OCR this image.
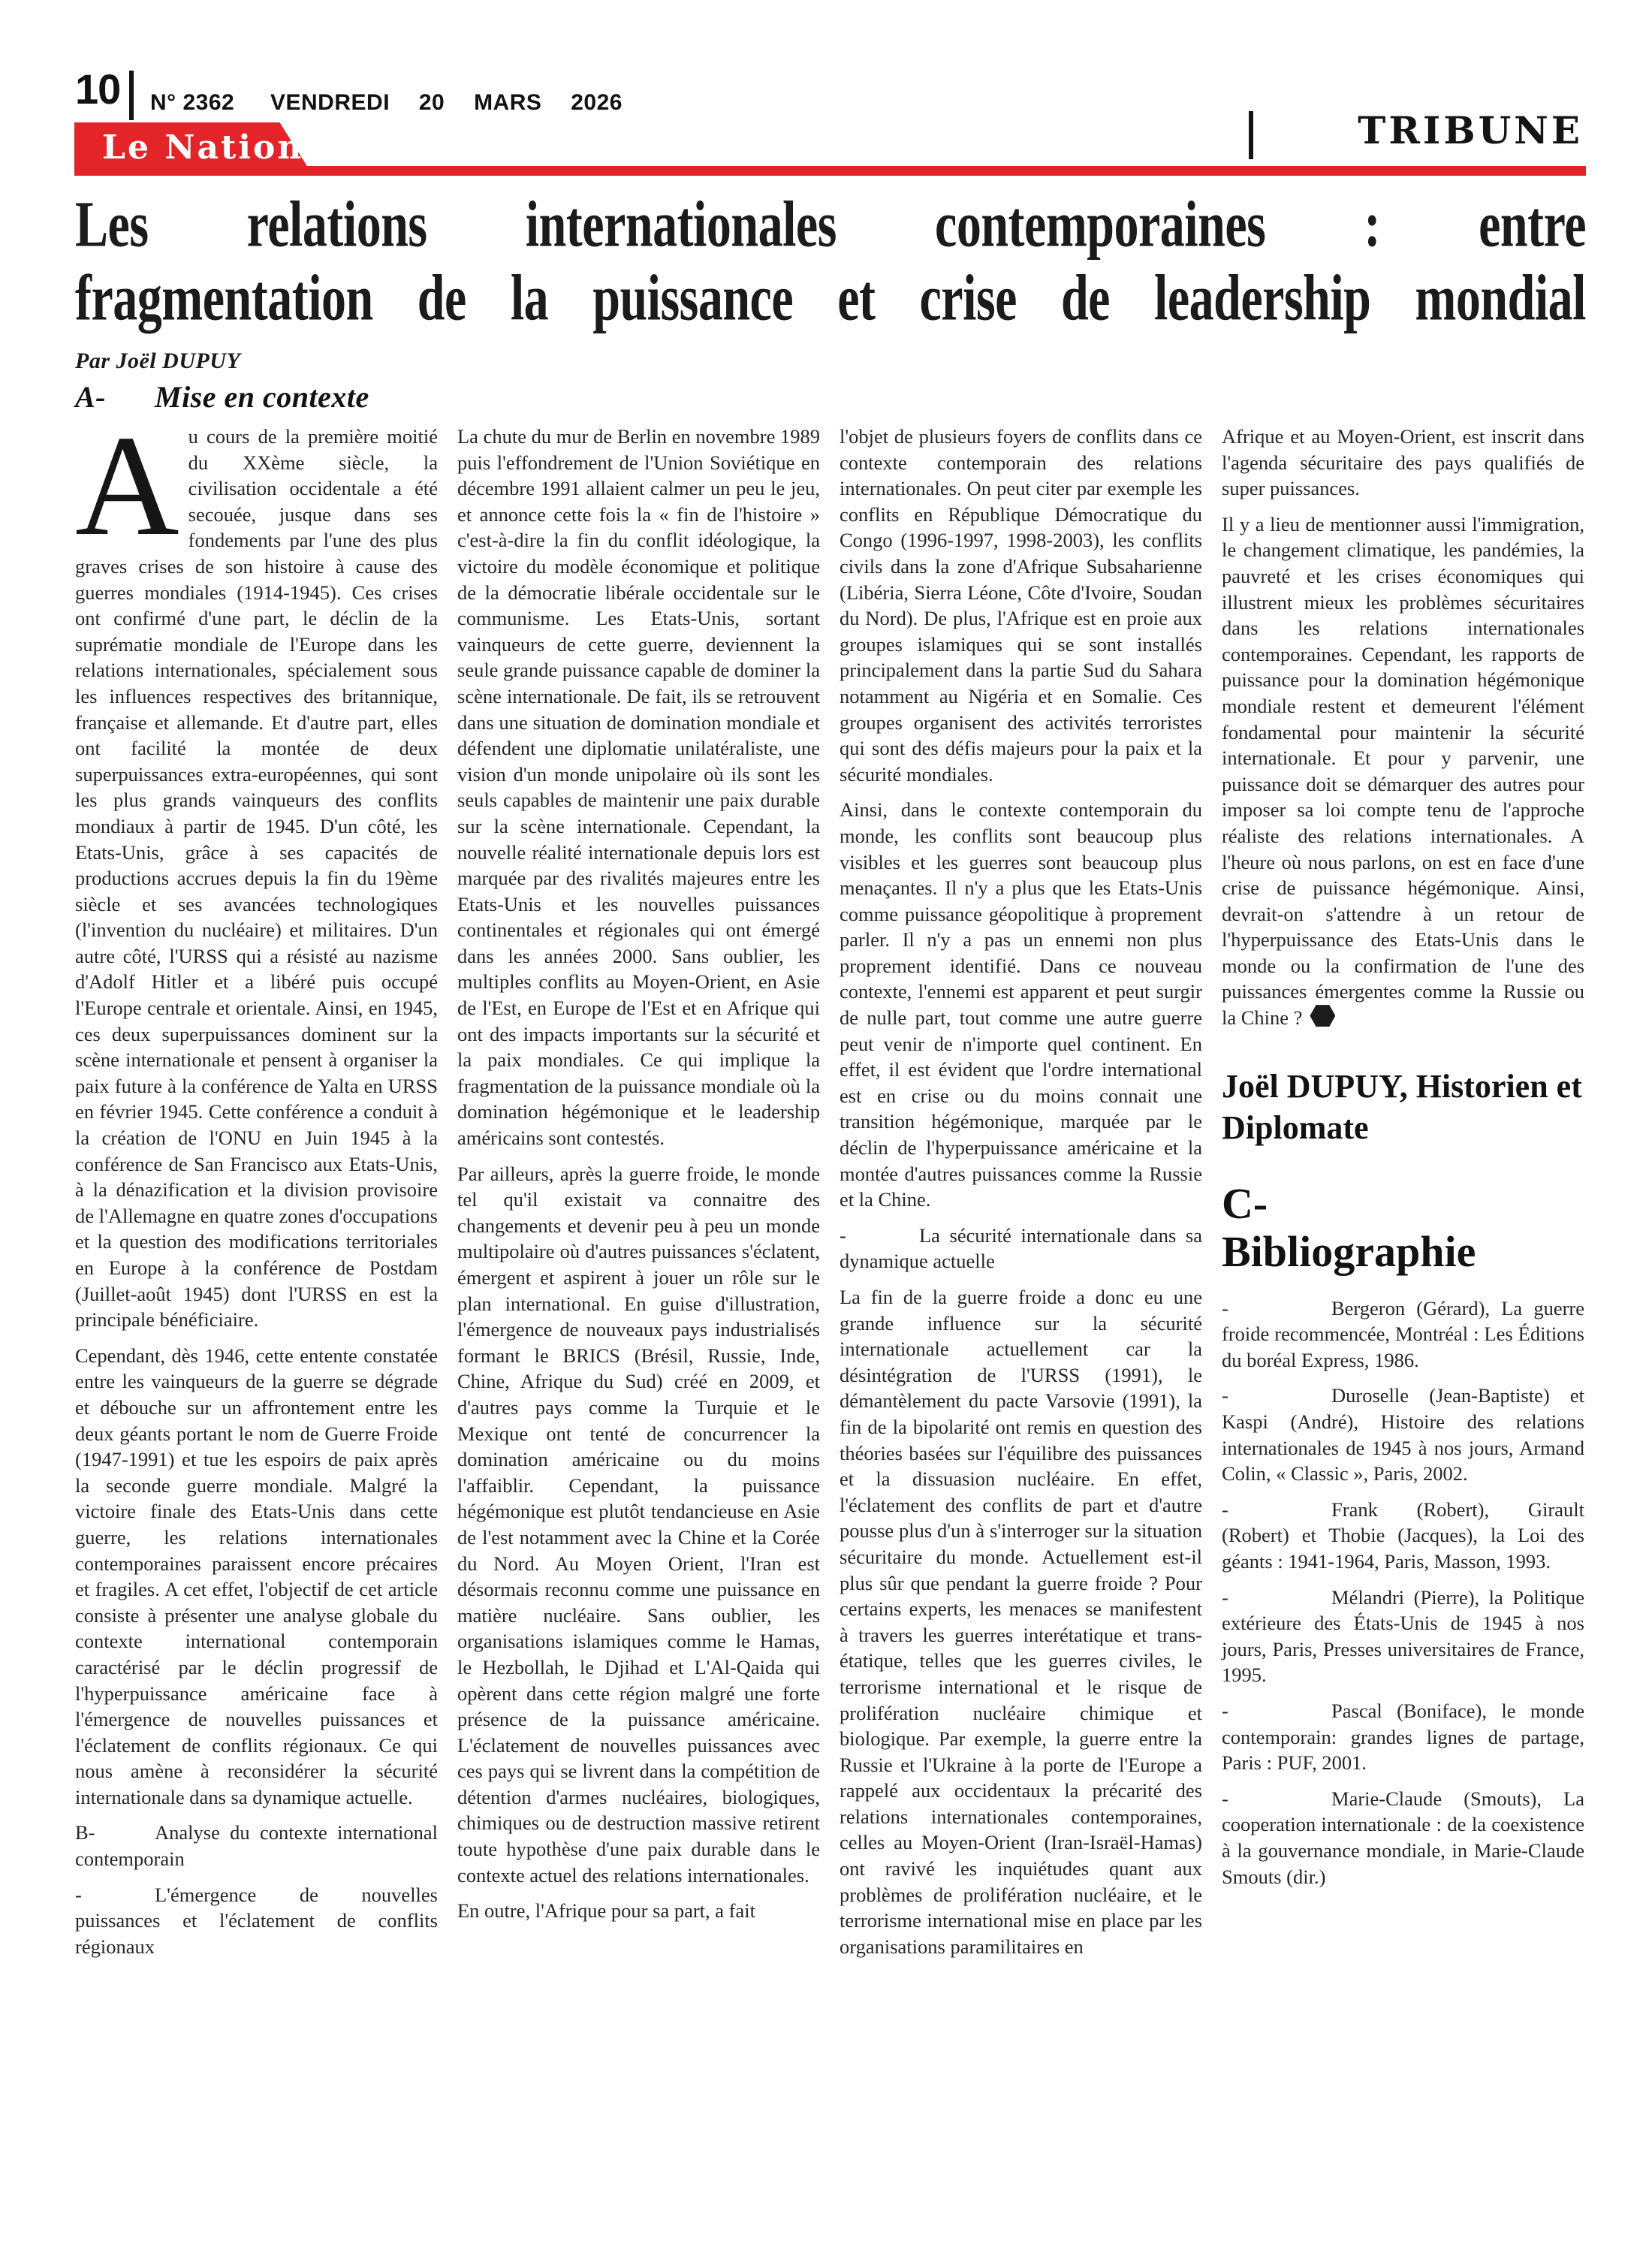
10 N° 2362 VENDREDI 20 MARS 2026
TRIBUNE
Le National
Les relations internationales contemporaines : entre
fragmentation de la puissance et crise de leadership mondial
Par Joël DUPUY
A- Mise en contexte

Au cours de la première moitié du XXème siècle, la civilisation occidentale a été secouée, jusque dans ses fondements par l'une des plus graves crises de son histoire à cause des guerres mondiales (1914-1945). Ces crises ont confirmé d'une part, le déclin de la suprématie mondiale de l'Europe dans les relations internationales, spécialement sous les influences respectives des britannique, française et allemande. Et d'autre part, elles ont facilité la montée de deux superpuissances extra-européennes, qui sont les plus grands vainqueurs des conflits mondiaux à partir de 1945. D'un côté, les Etats-Unis, grâce à ses capacités de productions accrues depuis la fin du 19ème siècle et ses avancées technologiques (l'invention du nucléaire) et militaires. D'un autre côté, l'URSS qui a résisté au nazisme d'Adolf Hitler et a libéré puis occupé l'Europe centrale et orientale. Ainsi, en 1945, ces deux superpuissances dominent sur la scène internationale et pensent à organiser la paix future à la conférence de Yalta en URSS en février 1945. Cette conférence a conduit à la création de l'ONU en Juin 1945 à la conférence de San Francisco aux Etats-Unis, à la dénazification et la division provisoire de l'Allemagne en quatre zones d'occupations et la question des modifications territoriales en Europe à la conférence de Postdam (Juillet-août 1945) dont l'URSS en est la principale bénéficiaire.

Cependant, dès 1946, cette entente constatée entre les vainqueurs de la guerre se dégrade et débouche sur un affrontement entre les deux géants portant le nom de Guerre Froide (1947-1991) et tue les espoirs de paix après la seconde guerre mondiale. Malgré la victoire finale des Etats-Unis dans cette guerre, les relations internationales contemporaines paraissent encore précaires et fragiles. A cet effet, l'objectif de cet article consiste à présenter une analyse globale du contexte international contemporain caractérisé par le déclin progressif de l'hyperpuissance américaine face à l'émergence de nouvelles puissances et l'éclatement de conflits régionaux. Ce qui nous amène à reconsidérer la sécurité internationale dans sa dynamique actuelle.

B-	Analyse du contexte international contemporain

-	L'émergence de nouvelles puissances et l'éclatement de conflits régionaux

La chute du mur de Berlin en novembre 1989 puis l'effondrement de l'Union Soviétique en décembre 1991 allaient calmer un peu le jeu, et annonce cette fois la « fin de l'histoire » c'est-à-dire la fin du conflit idéologique, la victoire du modèle économique et politique de la démocratie libérale occidentale sur le communisme. Les Etats-Unis, sortant vainqueurs de cette guerre, deviennent la seule grande puissance capable de dominer la scène internationale. De fait, ils se retrouvent dans une situation de domination mondiale et défendent une diplomatie unilatéraliste, une vision d'un monde unipolaire où ils sont les seuls capables de maintenir une paix durable sur la scène internationale. Cependant, la nouvelle réalité internationale depuis lors est marquée par des rivalités majeures entre les Etats-Unis et les nouvelles puissances continentales et régionales qui ont émergé dans les années 2000. Sans oublier, les multiples conflits au Moyen-Orient, en Asie de l'Est, en Europe de l'Est et en Afrique qui ont des impacts importants sur la sécurité et la paix mondiales. Ce qui implique la fragmentation de la puissance mondiale où la domination hégémonique et le leadership américains sont contestés.

Par ailleurs, après la guerre froide, le monde tel qu'il existait va connaitre des changements et devenir peu à peu un monde multipolaire où d'autres puissances s'éclatent, émergent et aspirent à jouer un rôle sur le plan international. En guise d'illustration, l'émergence de nouveaux pays industrialisés formant le BRICS (Brésil, Russie, Inde, Chine, Afrique du Sud) créé en 2009, et d'autres pays comme la Turquie et le Mexique ont tenté de concurrencer la domination américaine ou du moins l'affaiblir. Cependant, la puissance hégémonique est plutôt tendancieuse en Asie de l'est notamment avec la Chine et la Corée du Nord. Au Moyen Orient, l'Iran est désormais reconnu comme une puissance en matière nucléaire. Sans oublier, les organisations islamiques comme le Hamas, le Hezbollah, le Djihad et L'Al-Qaida qui opèrent dans cette région malgré une forte présence de la puissance américaine. L'éclatement de nouvelles puissances avec ces pays qui se livrent dans la compétition de détention d'armes nucléaires, biologiques, chimiques ou de destruction massive retirent toute hypothèse d'une paix durable dans le contexte actuel des relations internationales.

En outre, l'Afrique pour sa part, a fait

l'objet de plusieurs foyers de conflits dans ce contexte contemporain des relations internationales. On peut citer par exemple les conflits en République Démocratique du Congo (1996-1997, 1998-2003), les conflits civils dans la zone d'Afrique Subsaharienne (Libéria, Sierra Léone, Côte d'Ivoire, Soudan du Nord). De plus, l'Afrique est en proie aux groupes islamiques qui se sont installés principalement dans la partie Sud du Sahara notamment au Nigéria et en Somalie. Ces groupes organisent des activités terroristes qui sont des défis majeurs pour la paix et la sécurité mondiales.

Ainsi, dans le contexte contemporain du monde, les conflits sont beaucoup plus visibles et les guerres sont beaucoup plus menaçantes. Il n'y a plus que les Etats-Unis comme puissance géopolitique à proprement parler. Il n'y a pas un ennemi non plus proprement identifié. Dans ce nouveau contexte, l'ennemi est apparent et peut surgir de nulle part, tout comme une autre guerre peut venir de n'importe quel continent. En effet, il est évident que l'ordre international est en crise ou du moins connait une transition hégémonique, marquée par le déclin de l'hyperpuissance américaine et la montée d'autres puissances comme la Russie et la Chine.

-	La sécurité internationale dans sa dynamique actuelle

La fin de la guerre froide a donc eu une grande influence sur la sécurité internationale actuellement car la désintégration de l'URSS (1991), le démantèlement du pacte Varsovie (1991), la fin de la bipolarité ont remis en question des théories basées sur l'équilibre des puissances et la dissuasion nucléaire. En effet, l'éclatement des conflits de part et d'autre pousse plus d'un à s'interroger sur la situation sécuritaire du monde. Actuellement est-il plus sûr que pendant la guerre froide ? Pour certains experts, les menaces se manifestent à travers les guerres interétatique et trans-étatique, telles que les guerres civiles, le terrorisme international et le risque de prolifération nucléaire chimique et biologique. Par exemple, la guerre entre la Russie et l'Ukraine à la porte de l'Europe a rappelé aux occidentaux la précarité des relations internationales contemporaines, celles au Moyen-Orient (Iran-Israël-Hamas) ont ravivé les inquiétudes quant aux problèmes de prolifération nucléaire, et le terrorisme international mise en place par les organisations paramilitaires en

Afrique et au Moyen-Orient, est inscrit dans l'agenda sécuritaire des pays qualifiés de super puissances.

Il y a lieu de mentionner aussi l'immigration, le changement climatique, les pandémies, la pauvreté et les crises économiques qui illustrent mieux les problèmes sécuritaires dans les relations internationales contemporaines. Cependant, les rapports de puissance pour la domination hégémonique mondiale restent et demeurent l'élément fondamental pour maintenir la sécurité internationale. Et pour y parvenir, une puissance doit se démarquer des autres pour imposer sa loi compte tenu de l'approche réaliste des relations internationales. A l'heure où nous parlons, on est en face d'une crise de puissance hégémonique. Ainsi, devrait-on s'attendre à un retour de l'hyperpuissance des Etats-Unis dans le monde ou la confirmation de l'une des puissances émergentes comme la Russie ou la Chine ?

Joël DUPUY, Historien et Diplomate
C-Bibliographie

-	Bergeron (Gérard), La guerre froide recommencée, Montréal : Les Éditions du boréal Express, 1986.

-	Duroselle (Jean-Baptiste) et Kaspi (André), Histoire des relations internationales de 1945 à nos jours, Armand Colin, « Classic », Paris, 2002.

-	Frank (Robert), Girault (Robert) et Thobie (Jacques), la Loi des géants : 1941-1964, Paris, Masson, 1993.

-	Mélandri (Pierre), la Politique extérieure des États-Unis de 1945 à nos jours, Paris, Presses universitaires de France, 1995.

-	Pascal (Boniface), le monde contemporain: grandes lignes de partage, Paris : PUF, 2001.

-	Marie-Claude (Smouts), La cooperation internationale : de la coexistence à la gouvernance mondiale, in Marie-Claude Smouts (dir.)
